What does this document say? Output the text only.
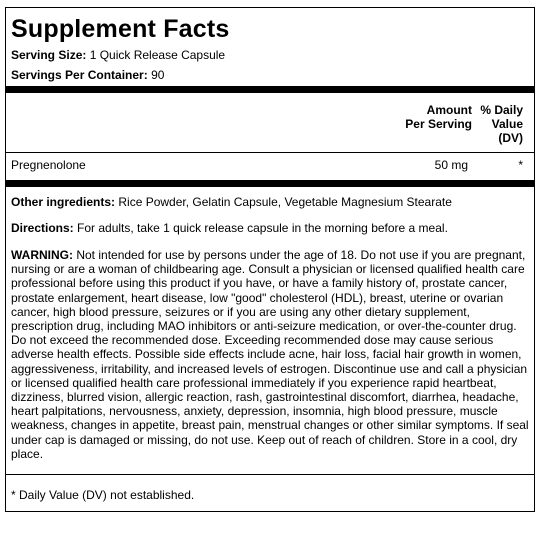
Supplement Facts
Serving Size: 1 Quick Release Capsule
Servings Per Container: 90
Amount
Per Serving
% Daily
Value
(DV)
Pregnenolone	50 mg	*

Other ingredients: Rice Powder, Gelatin Capsule, Vegetable Magnesium Stearate

Directions: For adults, take 1 quick release capsule in the morning before a meal.

WARNING: Not intended for use by persons under the age of 18. Do not use if you are pregnant, nursing or are a woman of childbearing age. Consult a physician or licensed qualified health care professional before using this product if you have, or have a family history of, prostate cancer, prostate enlargement, heart disease, low "good" cholesterol (HDL), breast, uterine or ovarian cancer, high blood pressure, seizures or if you are using any other dietary supplement, prescription drug, including MAO inhibitors or anti-seizure medication, or over-the-counter drug. Do not exceed the recommended dose. Exceeding recommended dose may cause serious adverse health effects. Possible side effects include acne, hair loss, facial hair growth in women, aggressiveness, irritability, and increased levels of estrogen. Discontinue use and call a physician or licensed qualified health care professional immediately if you experience rapid heartbeat, dizziness, blurred vision, allergic reaction, rash, gastrointestinal discomfort, diarrhea, headache, heart palpitations, nervousness, anxiety, depression, insomnia, high blood pressure, muscle weakness, changes in appetite, breast pain, menstrual changes or other similar symptoms. If seal under cap is damaged or missing, do not use. Keep out of reach of children. Store in a cool, dry place.

* Daily Value (DV) not established.
